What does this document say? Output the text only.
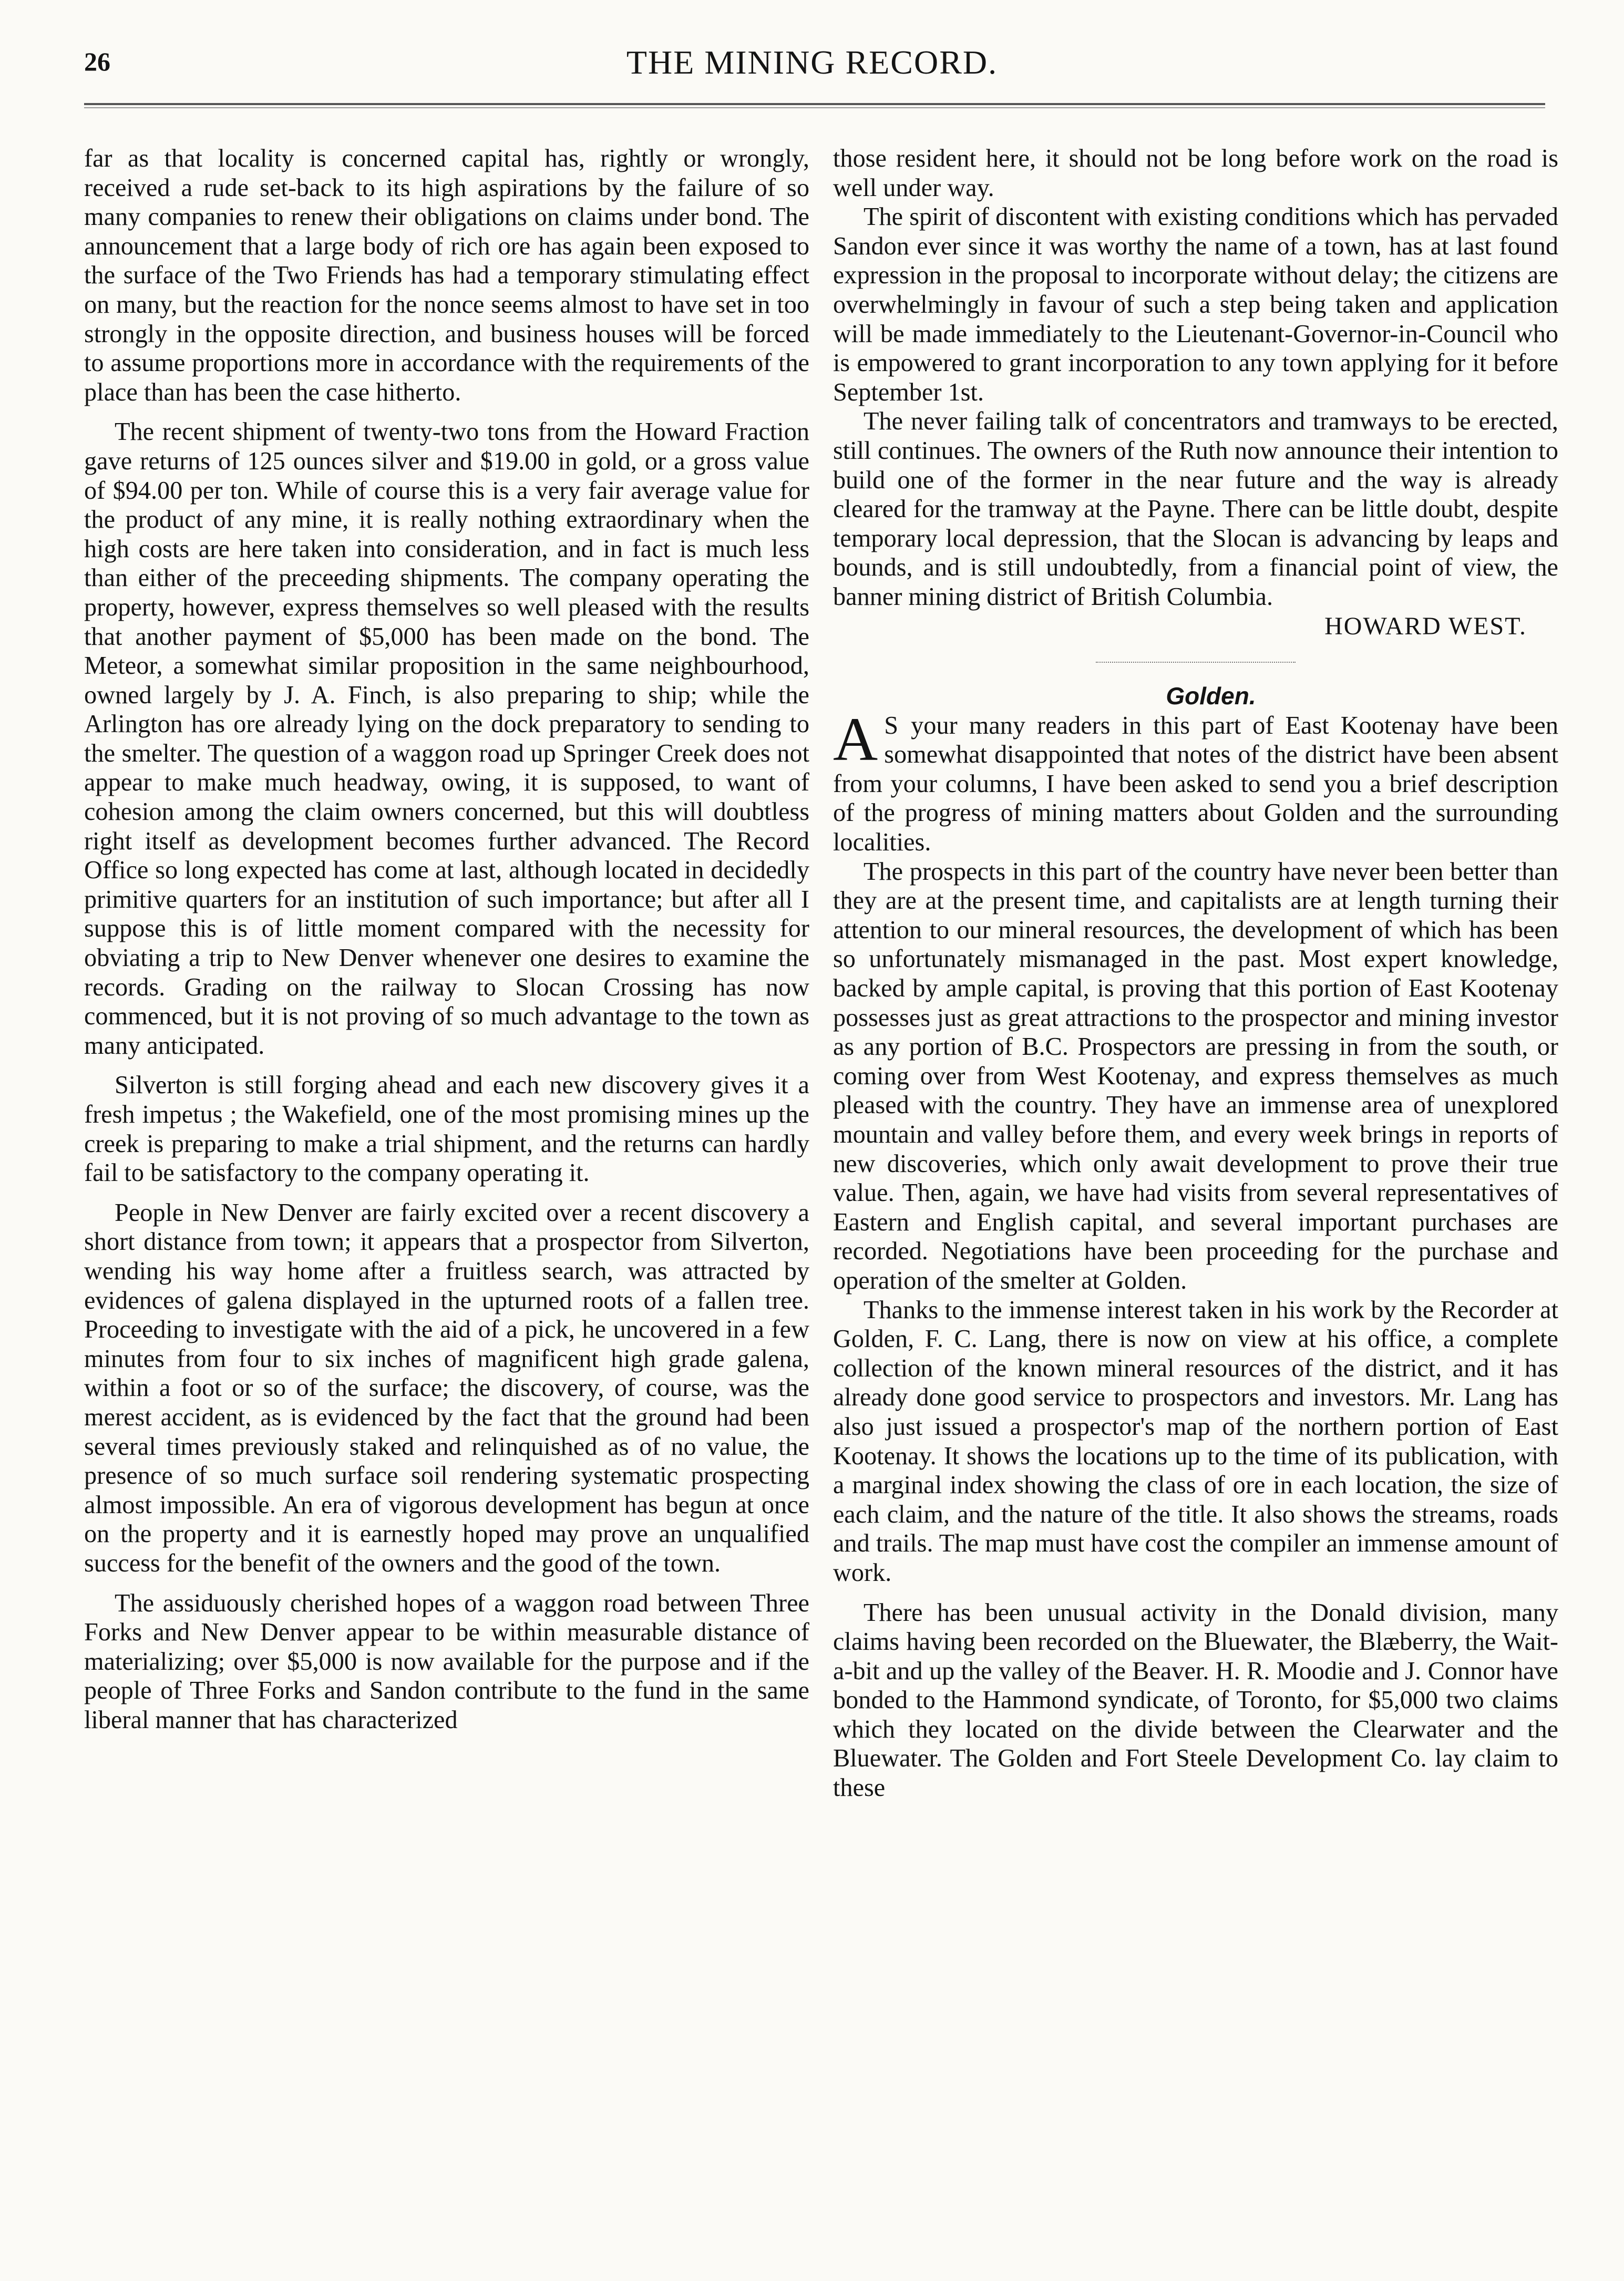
26	THE MINING RECORD.

far as that locality is concerned capital has, rightly or wrongly, received a rude set-back to its high aspirations by the failure of so many companies to renew their obligations on claims under bond. The announcement that a large body of rich ore has again been exposed to the surface of the Two Friends has had a temporary stimulating effect on many, but the reaction for the nonce seems almost to have set in too strongly in the opposite direction, and business houses will be forced to assume proportions more in accordance with the requirements of the place than has been the case hitherto.

The recent shipment of twenty-two tons from the Howard Fraction gave returns of 125 ounces silver and $19.00 in gold, or a gross value of $94.00 per ton. While of course this is a very fair average value for the product of any mine, it is really nothing extraordinary when the high costs are here taken into consideration, and in fact is much less than either of the preceeding shipments. The company operating the property, however, express themselves so well pleased with the results that another payment of $5,000 has been made on the bond. The Meteor, a somewhat similar proposition in the same neighbourhood, owned largely by J. A. Finch, is also preparing to ship; while the Arlington has ore already lying on the dock preparatory to sending to the smelter. The question of a waggon road up Springer Creek does not appear to make much headway, owing, it is supposed, to want of cohesion among the claim owners concerned, but this will doubtless right itself as development becomes further advanced. The Record Office so long expected has come at last, although located in decidedly primitive quarters for an institution of such importance; but after all I suppose this is of little moment compared with the necessity for obviating a trip to New Denver whenever one desires to examine the records. Grading on the railway to Slocan Crossing has now commenced, but it is not proving of so much advantage to the town as many anticipated.

Silverton is still forging ahead and each new discovery gives it a fresh impetus ; the Wakefield, one of the most promising mines up the creek is preparing to make a trial shipment, and the returns can hardly fail to be satisfactory to the company operating it.

People in New Denver are fairly excited over a recent discovery a short distance from town; it appears that a prospector from Silverton, wending his way home after a fruitless search, was attracted by evidences of galena displayed in the upturned roots of a fallen tree. Proceeding to investigate with the aid of a pick, he uncovered in a few minutes from four to six inches of magnificent high grade galena, within a foot or so of the surface; the discovery, of course, was the merest accident, as is evidenced by the fact that the ground had been several times previously staked and relinquished as of no value, the presence of so much surface soil rendering systematic prospecting almost impossible. An era of vigorous development has begun at once on the property and it is earnestly hoped may prove an unqualified success for the benefit of the owners and the good of the town.

The assiduously cherished hopes of a waggon road between Three Forks and New Denver appear to be within measurable distance of materializing; over $5,000 is now available for the purpose and if the people of Three Forks and Sandon contribute to the fund in the same liberal manner that has characterized

those resident here, it should not be long before work on the road is well under way.

The spirit of discontent with existing conditions which has pervaded Sandon ever since it was worthy the name of a town, has at last found expression in the proposal to incorporate without delay; the citizens are overwhelmingly in favour of such a step being taken and application will be made immediately to the Lieutenant-Governor-in-Council who is empowered to grant incorporation to any town applying for it before September 1st.

The never failing talk of concentrators and tramways to be erected, still continues. The owners of the Ruth now announce their intention to build one of the former in the near future and the way is already cleared for the tramway at the Payne. There can be little doubt, despite temporary local depression, that the Slocan is advancing by leaps and bounds, and is still undoubtedly, from a financial point of view, the banner mining district of British Columbia.

HOWARD WEST.

Golden.

A S your many readers in this part of East Kootenay have been somewhat disappointed that notes of the district have been absent from your columns, I have been asked to send you a brief description of the progress of mining matters about Golden and the surrounding localities.

The prospects in this part of the country have never been better than they are at the present time, and capitalists are at length turning their attention to our mineral resources, the development of which has been so unfortunately mismanaged in the past. Most expert knowledge, backed by ample capital, is proving that this portion of East Kootenay possesses just as great attractions to the prospector and mining investor as any portion of B.C. Prospectors are pressing in from the south, or coming over from West Kootenay, and express themselves as much pleased with the country. They have an immense area of unexplored mountain and valley before them, and every week brings in reports of new discoveries, which only await development to prove their true value. Then, again, we have had visits from several representatives of Eastern and English capital, and several important purchases are recorded. Negotiations have been proceeding for the purchase and operation of the smelter at Golden.

Thanks to the immense interest taken in his work by the Recorder at Golden, F. C. Lang, there is now on view at his office, a complete collection of the known mineral resources of the district, and it has already done good service to prospectors and investors. Mr. Lang has also just issued a prospector's map of the northern portion of East Kootenay. It shows the locations up to the time of its publication, with a marginal index showing the class of ore in each location, the size of each claim, and the nature of the title. It also shows the streams, roads and trails. The map must have cost the compiler an immense amount of work.

There has been unusual activity in the Donald division, many claims having been recorded on the Bluewater, the Blæberry, the Wait-a-bit and up the valley of the Beaver. H. R. Moodie and J. Connor have bonded to the Hammond syndicate, of Toronto, for $5,000 two claims which they located on the divide between the Clearwater and the Bluewater. The Golden and Fort Steele Development Co. lay claim to these
